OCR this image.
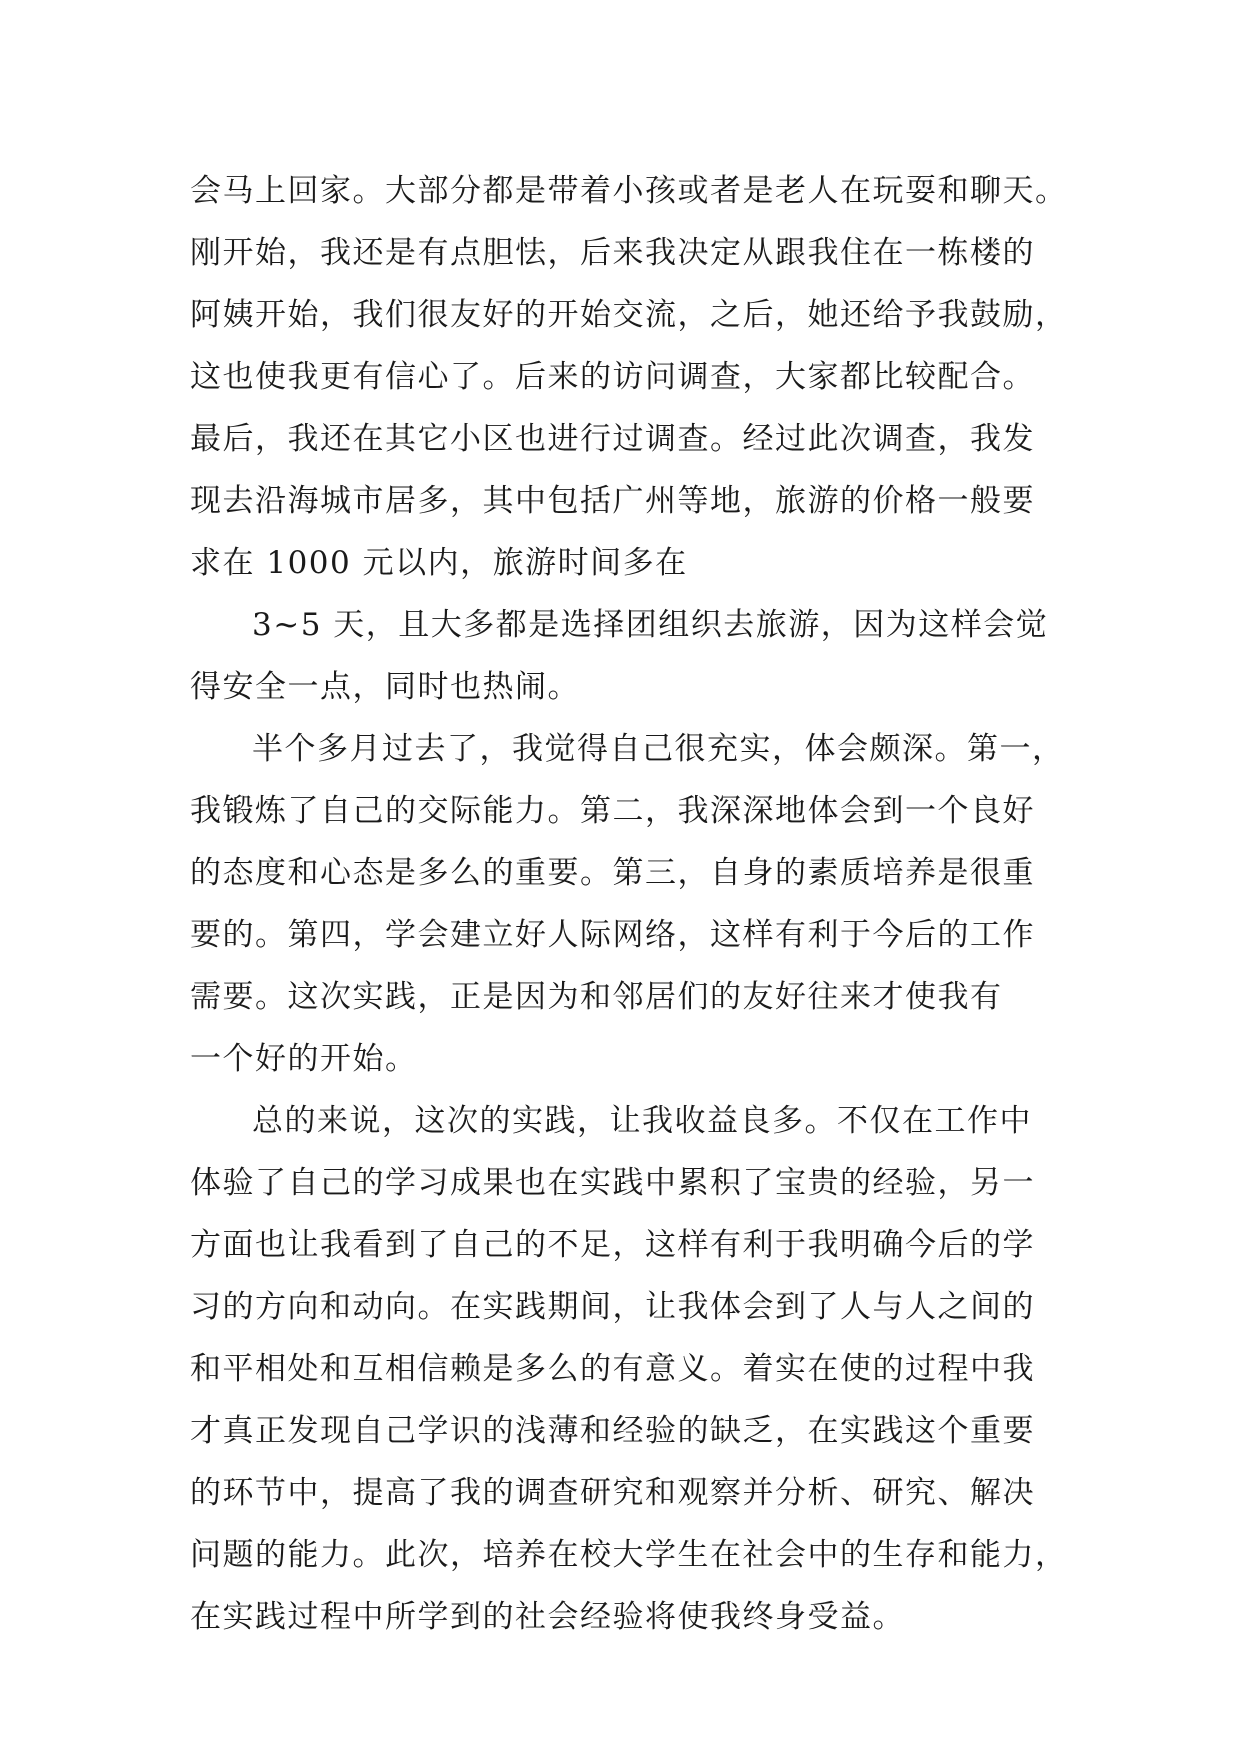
会马上回家。大部分都是带着小孩或者是老人在玩耍和聊天。
刚开始，我还是有点胆怯，后来我决定从跟我住在一栋楼的
阿姨开始，我们很友好的开始交流，之后，她还给予我鼓励，
这也使我更有信心了。后来的访问调查，大家都比较配合。
最后，我还在其它小区也进行过调查。经过此次调查，我发
现去沿海城市居多，其中包括广州等地，旅游的价格一般要
求在 1000 元以内，旅游时间多在
3~5 天，且大多都是选择团组织去旅游，因为这样会觉
得安全一点，同时也热闹。
半个多月过去了，我觉得自己很充实，体会颇深。第一，
我锻炼了自己的交际能力。第二，我深深地体会到一个良好
的态度和心态是多么的重要。第三，自身的素质培养是很重
要的。第四，学会建立好人际网络，这样有利于今后的工作
需要。这次实践，正是因为和邻居们的友好往来才使我有
一个好的开始。
总的来说，这次的实践，让我收益良多。不仅在工作中
体验了自己的学习成果也在实践中累积了宝贵的经验，另一
方面也让我看到了自己的不足，这样有利于我明确今后的学
习的方向和动向。在实践期间，让我体会到了人与人之间的
和平相处和互相信赖是多么的有意义。着实在使的过程中我
才真正发现自己学识的浅薄和经验的缺乏，在实践这个重要
的环节中，提高了我的调查研究和观察并分析、研究、解决
问题的能力。此次，培养在校大学生在社会中的生存和能力，
在实践过程中所学到的社会经验将使我终身受益。
